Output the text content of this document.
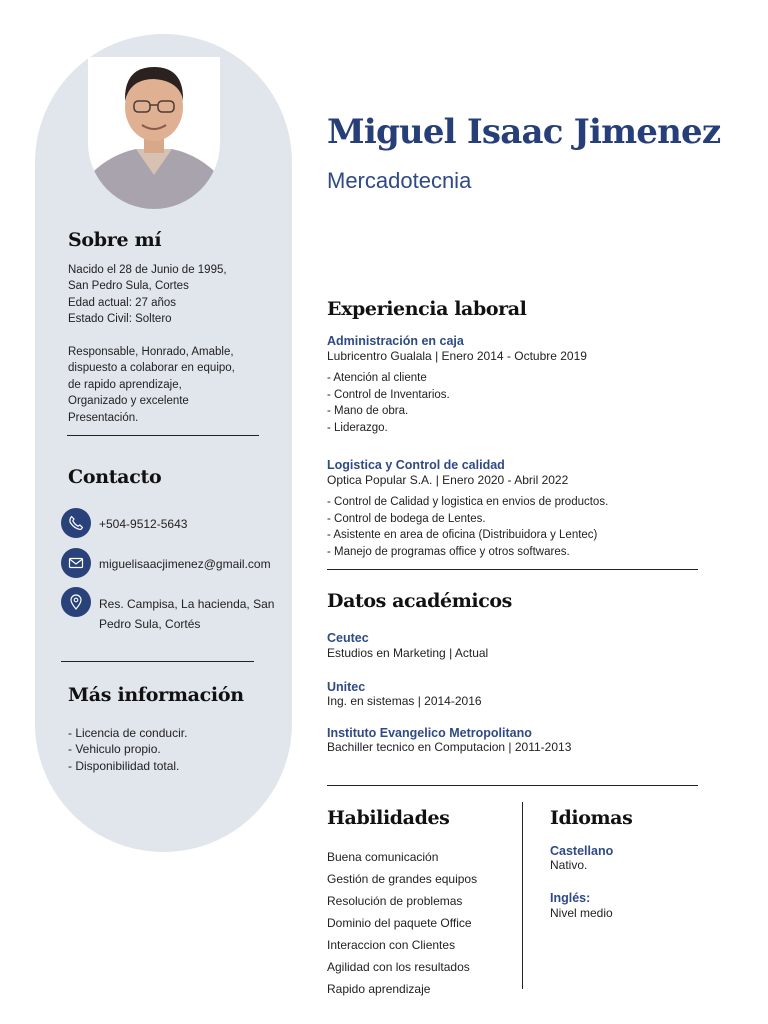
Sobre mí
Nacido el 28 de Junio de 1995,
San Pedro Sula, Cortes
Edad actual: 27 años
Estado Civil: Soltero
Responsable, Honrado, Amable,
dispuesto a colaborar en equipo,
de rapido aprendizaje,
Organizado y excelente
Presentación.
Contacto
+504-9512-5643
miguelisaacjimenez@gmail.com
Res. Campisa, La hacienda, San
Pedro Sula, Cortés
Más información
- Licencia de conducir.
- Vehiculo propio.
- Disponibilidad total.
Miguel Isaac Jimenez
Mercadotecnia
Experiencia laboral
Administración en caja
Lubricentro Gualala | Enero 2014 - Octubre 2019
- Atención al cliente
- Control de Inventarios.
- Mano de obra.
- Liderazgo.
Logistica y Control de calidad
Optica Popular S.A. | Enero 2020 - Abril 2022
- Control de Calidad y logistica en envios de productos.
- Control de bodega de Lentes.
- Asistente en area de oficina (Distribuidora y Lentec)
- Manejo de programas office y otros softwares.
Datos académicos
Ceutec
Estudios en Marketing | Actual
Unitec
Ing. en sistemas | 2014-2016
Instituto Evangelico Metropolitano
Bachiller tecnico en Computacion | 2011-2013
Habilidades
Buena comunicación
Gestión de grandes equipos
Resolución de problemas
Dominio del paquete Office
Interaccion con Clientes
Agilidad con los resultados
Rapido aprendizaje
Idiomas
Castellano
Nativo.
Inglés:
Nivel medio
